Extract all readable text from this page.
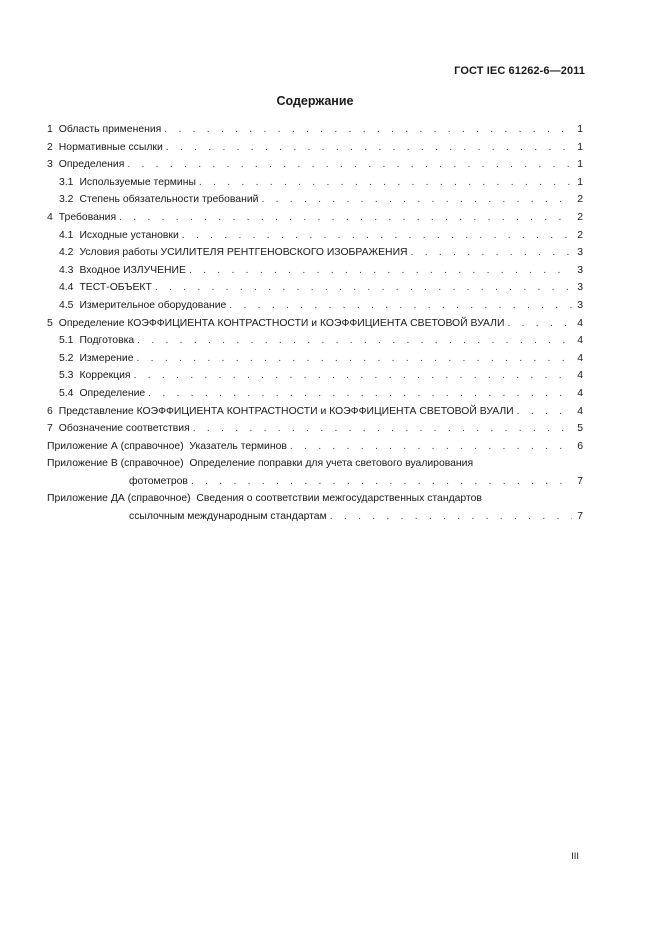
ГОСТ IEC 61262-6—2011
Содержание
1 Область применения . . .	1
2 Нормативные ссылки . . .	1
3 Определения . . .	1
3.1 Используемые термины . . .	1
3.2 Степень обязательности требований . . .	2
4 Требования . . .	2
4.1 Исходные установки . . .	2
4.2 Условия работы УСИЛИТЕЛЯ РЕНТГЕНОВСКОГО ИЗОБРАЖЕНИЯ . . .	3
4.3 Входное ИЗЛУЧЕНИЕ . . .	3
4.4 ТЕСТ-ОБЪЕКТ . . .	3
4.5 Измерительное оборудование . . .	3
5 Определение КОЭФФИЦИЕНТА КОНТРАСТНОСТИ и КОЭФФИЦИЕНТА СВЕТОВОЙ ВУАЛИ . . .	4
5.1 Подготовка . . .	4
5.2 Измерение . . .	4
5.3 Коррекция . . .	4
5.4 Определение . . .	4
6 Представление КОЭФФИЦИЕНТА КОНТРАСТНОСТИ и КОЭФФИЦИЕНТА СВЕТОВОЙ ВУАЛИ . . .	4
7 Обозначение соответствия . . .	5
Приложение А (справочное)  Указатель терминов . . .	6
Приложение В (справочное)  Определение поправки для учета светового вуалирования
фотометров . . .	7
Приложение ДА (справочное)  Сведения о соответствии межгосударственных стандартов
ссылочным международным стандартам . . .	7
III
